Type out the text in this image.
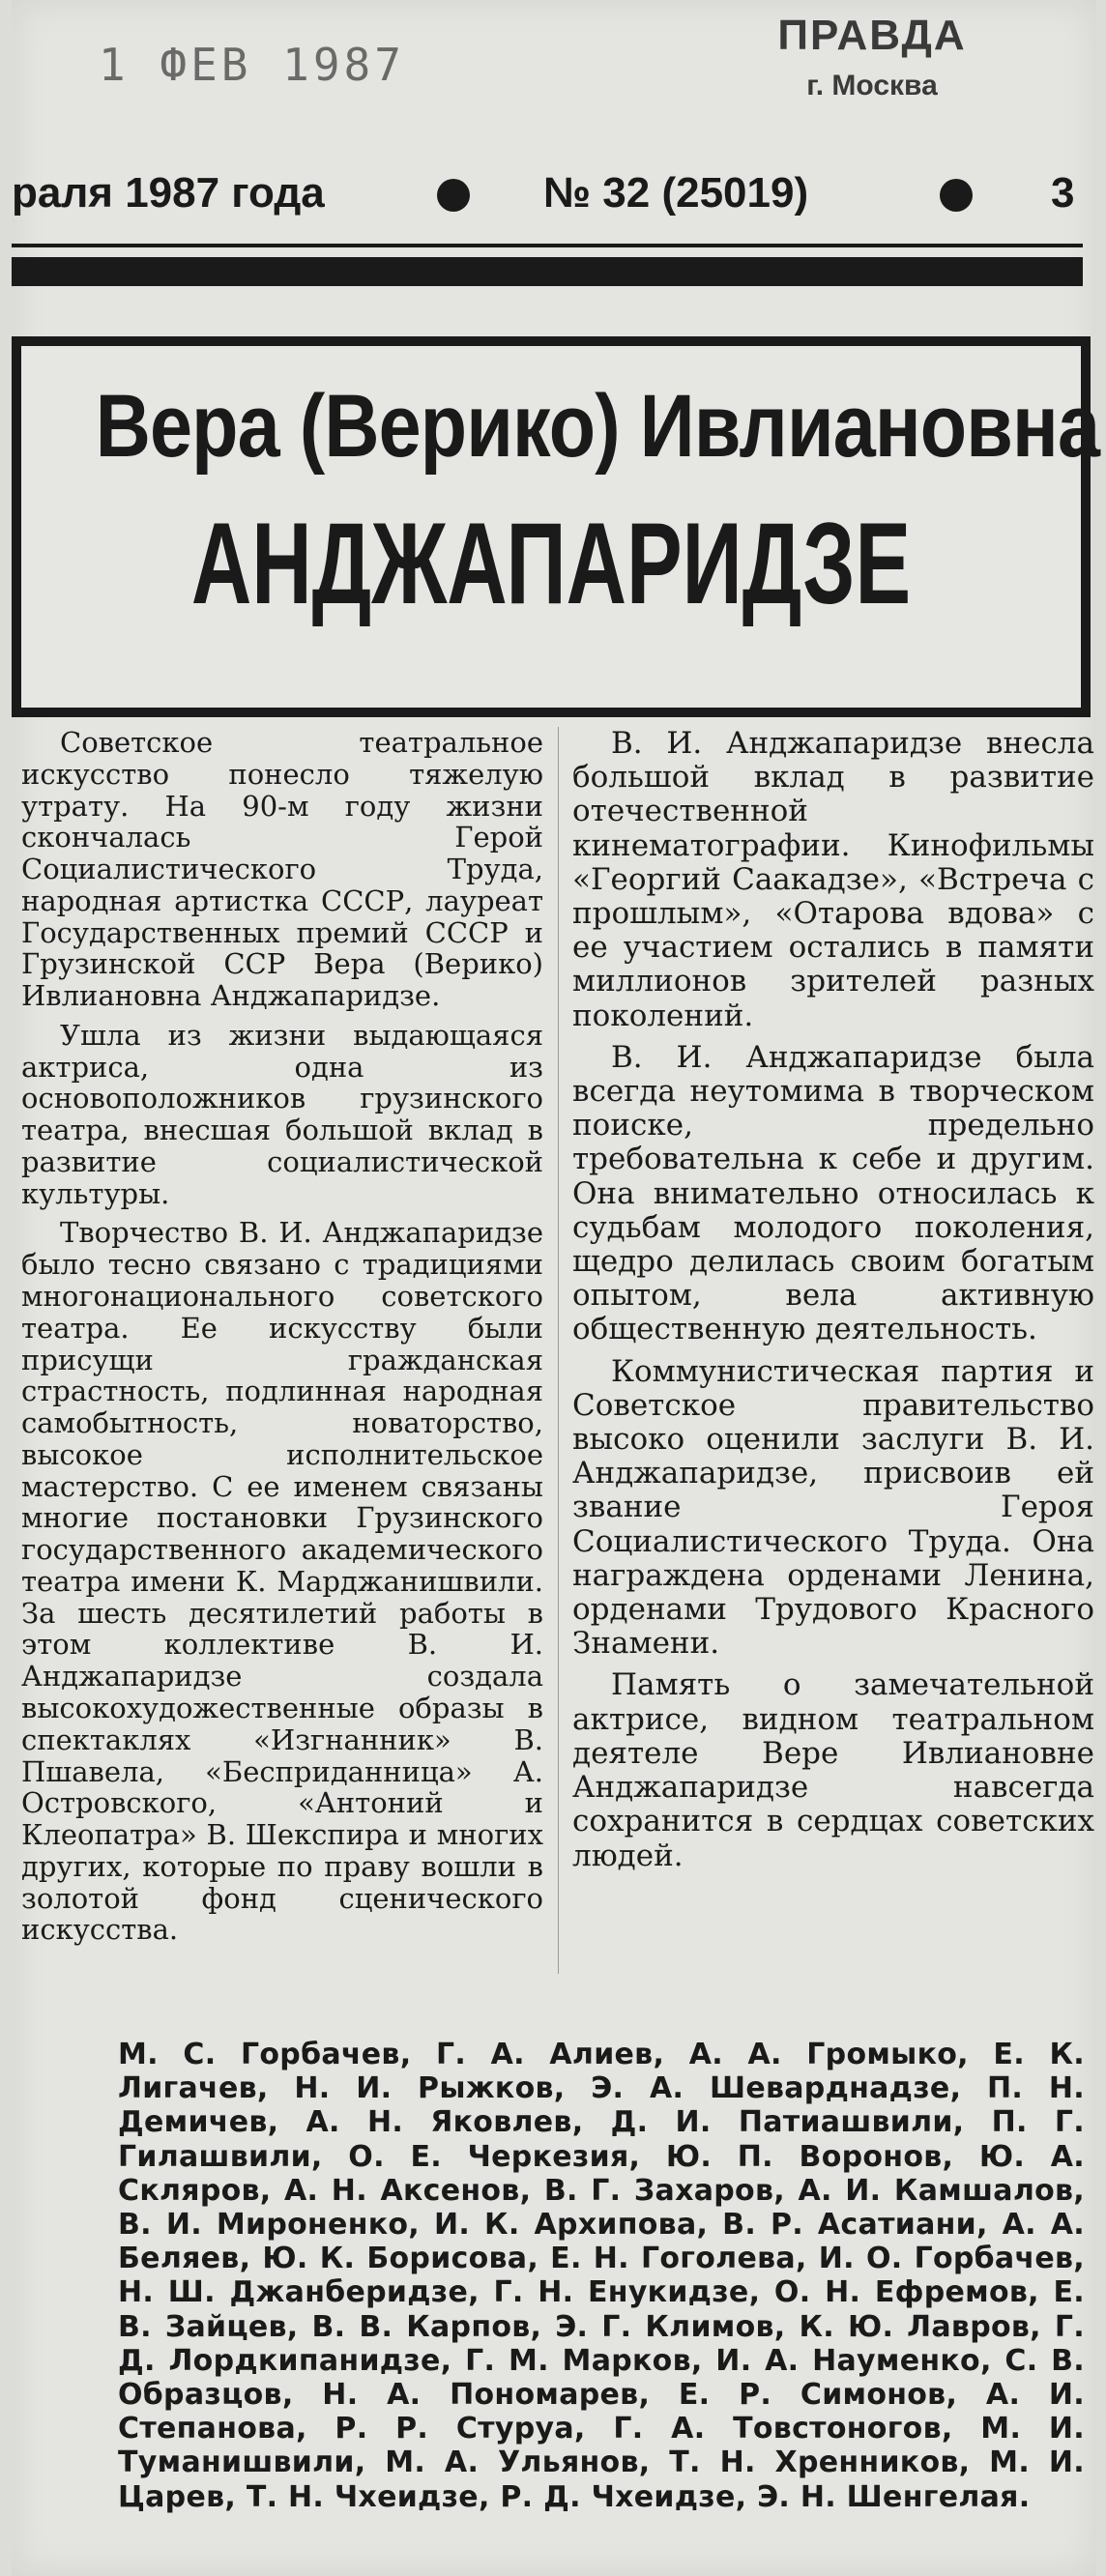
1 ФЕВ 1987
ПРАВДА
г. Москва
раля 1987 года	№ 32 (25019)	3
Вера (Верико) Ивлиановна
АНДЖАПАРИДЗЕ

Советское театральное искусство понесло тяжелую утрату. На 90-м году жизни скончалась Герой Социалистического Труда, народная артистка СССР, лауреат Государственных премий СССР и Грузинской ССР Вера (Верико) Ивлиановна Анджапаридзе.

Ушла из жизни выдающаяся актриса, одна из основоположников грузинского театра, внесшая большой вклад в развитие социалистической культуры.

Творчество В. И. Анджапаридзе было тесно связано с традициями многонационального советского театра. Ее искусству были присущи гражданская страстность, подлинная народная самобытность, новаторство, высокое исполнительское мастерство. С ее именем связаны многие постановки Грузинского государственного академического театра имени К. Марджанишвили. За шесть десятилетий работы в этом коллективе В. И. Анджапаридзе создала высокохудожественные образы в спектаклях «Изгнанник» В. Пшавела, «Бесприданница» А. Островского, «Антоний и Клеопатра» В. Шекспира и многих других, которые по праву вошли в золотой фонд сценического искусства.

В. И. Анджапаридзе внесла большой вклад в развитие отечественной кинематографии. Кинофильмы «Георгий Саакадзе», «Встреча с прошлым», «Отарова вдова» с ее участием остались в памяти миллионов зрителей разных поколений.

В. И. Анджапаридзе была всегда неутомима в творческом поиске, предельно требовательна к себе и другим. Она внимательно относилась к судьбам молодого поколения, щедро делилась своим богатым опытом, вела активную общественную деятельность.

Коммунистическая партия и Советское правительство высоко оценили заслуги В. И. Анджапаридзе, присвоив ей звание Героя Социалистического Труда. Она награждена орденами Ленина, орденами Трудового Красного Знамени.

Память о замечательной актрисе, видном театральном деятеле Вере Ивлиановне Анджапаридзе навсегда сохранится в сердцах советских людей.

М. С. Горбачев, Г. А. Алиев, А. А. Громыко, Е. К. Лигачев, Н. И. Рыжков, Э. А. Шеварднадзе, П. Н. Демичев, А. Н. Яковлев, Д. И. Патиашвили, П. Г. Гилашвили, О. Е. Черкезия, Ю. П. Воронов, Ю. А. Скляров, А. Н. Аксенов, В. Г. Захаров, А. И. Камшалов, В. И. Мироненко, И. К. Архипова, В. Р. Асатиани, А. А. Беляев, Ю. К. Борисова, Е. Н. Гоголева, И. О. Горбачев, Н. Ш. Джанберидзе, Г. Н. Енукидзе, О. Н. Ефремов, Е. В. Зайцев, В. В. Карпов, Э. Г. Климов, К. Ю. Лавров, Г. Д. Лордкипанидзе, Г. М. Марков, И. А. Науменко, С. В. Образцов, Н. А. Пономарев, Е. Р. Симонов, А. И. Степанова, Р. Р. Стуруа, Г. А. Товстоногов, М. И. Туманишвили, М. А. Ульянов, Т. Н. Хренников, М. И. Царев, Т. Н. Чхеидзе, Р. Д. Чхеидзе, Э. Н. Шенгелая.
